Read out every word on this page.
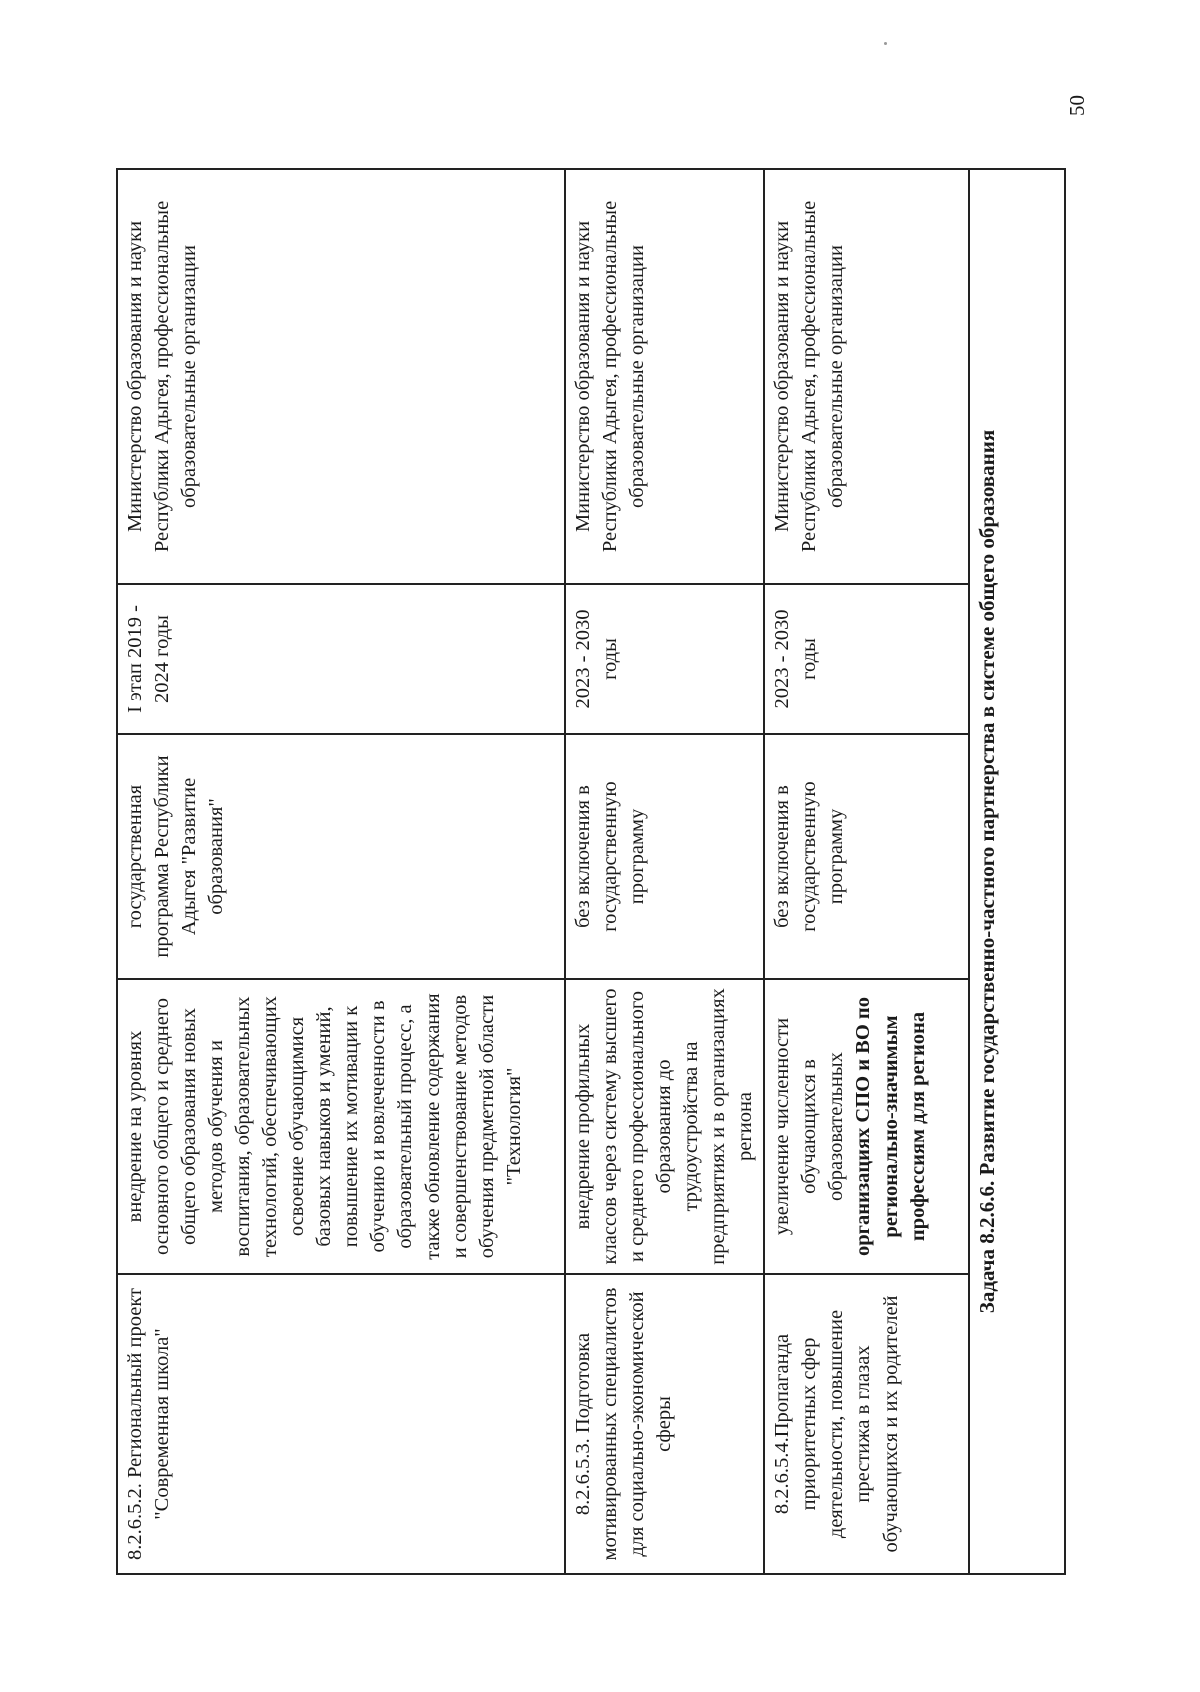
50
8.2.6.5.2. Региональный проект "Современная школа"	внедрение на уровнях основного общего и среднего общего образования новых методов обучения и воспитания, образовательных технологий, обеспечивающих освоение обучающимися базовых навыков и умений, повышение их мотивации к обучению и вовлеченности в образовательный процесс, а также обновление содержания и совершенствование методов обучения предметной области "Технология"	государственная программа Республики Адыгея "Развитие образования"	I этап 2019 - 2024 годы	Министерство образования и науки Республики Адыгея, профессиональные образовательные организации
8.2.6.5.3. Подготовка мотивированных специалистов для социально-экономической сферы	внедрение профильных классов через систему высшего и среднего профессионального образования до трудоустройства на предприятиях и в организациях региона	без включения в государственную программу	2023 - 2030 годы	Министерство образования и науки Республики Адыгея, профессиональные образовательные организации
8.2.6.5.4.Пропаганда приоритетных сфер деятельности, повышение престижа в глазах обучающихся и их родителей	увеличение численности обучающихся в образовательных организациях СПО и ВО по регионально-значимым профессиям для региона	без включения в государственную программу	2023 - 2030 годы	Министерство образования и науки Республики Адыгея, профессиональные образовательные организации
Задача 8.2.6.6. Развитие государственно-частного партнерства в системе общего образования				
